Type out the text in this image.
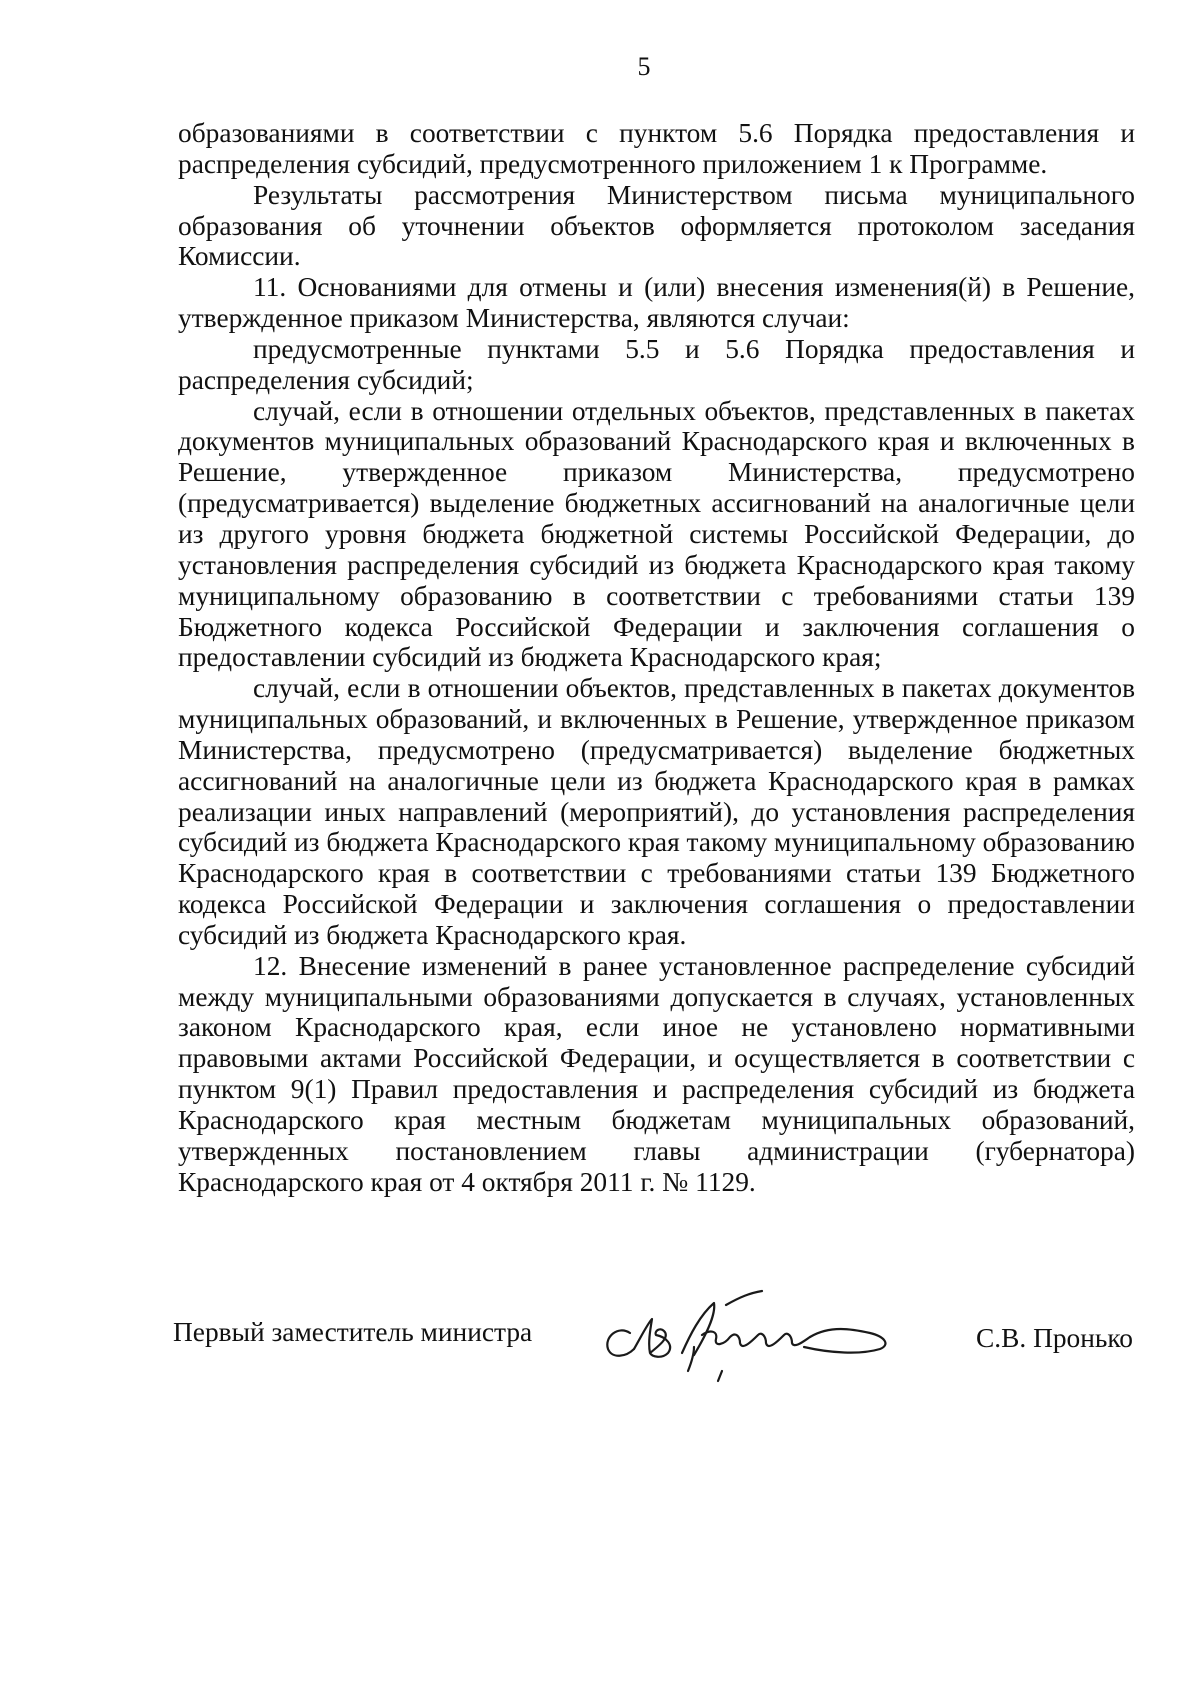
5

образованиями в соответствии с пунктом 5.6 Порядка предоставления и распределения субсидий, предусмотренного приложением 1 к Программе.

Результаты рассмотрения Министерством письма муниципального образования об уточнении объектов оформляется протоколом заседания Комиссии.

11. Основаниями для отмены и (или) внесения изменения(й) в Решение, утвержденное приказом Министерства, являются случаи:

предусмотренные пунктами 5.5 и 5.6 Порядка предоставления и распределения субсидий;

случай, если в отношении отдельных объектов, представленных в пакетах документов муниципальных образований Краснодарского края и включенных в Решение, утвержденное приказом Министерства, предусмотрено (предусматривается) выделение бюджетных ассигнований на аналогичные цели из другого уровня бюджета бюджетной системы Российской Федерации, до установления распределения субсидий из бюджета Краснодарского края такому муниципальному образованию в соответствии с требованиями статьи 139 Бюджетного кодекса Российской Федерации и заключения соглашения о предоставлении субсидий из бюджета Краснодарского края;

случай, если в отношении объектов, представленных в пакетах документов муниципальных образований, и включенных в Решение, утвержденное приказом Министерства, предусмотрено (предусматривается) выделение бюджетных ассигнований на аналогичные цели из бюджета Краснодарского края в рамках реализации иных направлений (мероприятий), до установления распределения субсидий из бюджета Краснодарского края такому муниципальному образованию Краснодарского края в соответствии с требованиями статьи 139 Бюджетного кодекса Российской Федерации и заключения соглашения о предоставлении субсидий из бюджета Краснодарского края.

12. Внесение изменений в ранее установленное распределение субсидий между муниципальными образованиями допускается в случаях, установленных законом Краснодарского края, если иное не установлено нормативными правовыми актами Российской Федерации, и осуществляется в соответствии с пунктом 9(1) Правил предоставления и распределения субсидий из бюджета Краснодарского края местным бюджетам муниципальных образований, утвержденных постановлением главы администрации (губернатора) Краснодарского края от 4 октября 2011 г. № 1129.

Первый заместитель министра	С.В. Пронько
